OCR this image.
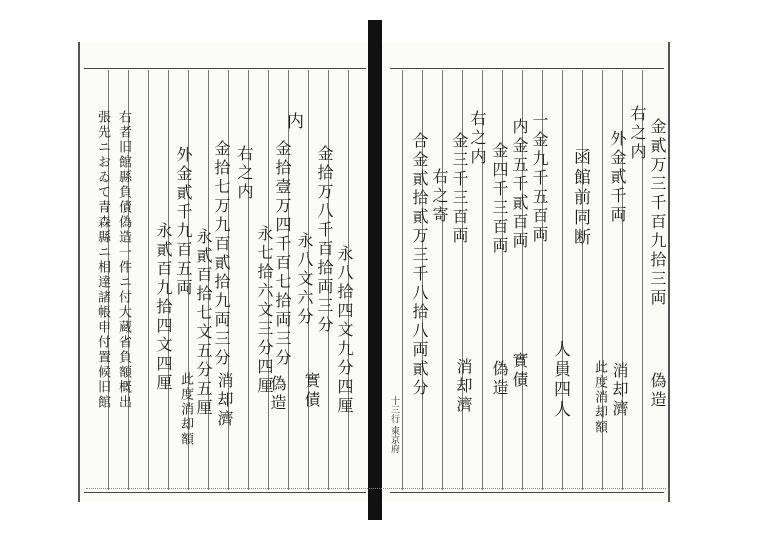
永八拾四文九分四厘
金拾万八千百拾両三分
永八文六分
金拾壹万四千百七拾両三分
永七拾六文三分四厘
内
右之内
金拾七万九百貳拾九両三分
永貳百拾七文五分五厘
外金貳千九百五両
永貳百九拾四文四厘
右者旧館縣負債偽造一件ニ付大蔵省負額概出
張先ニおゐて青森縣ニ相達諸帳申付置候旧館	實債
偽造
消却濟
此度消却額
金貳万三千百九拾三両
右之内
外金貳千両
函館前同断
一金九千五百両
内金五千貳百両
金四千三百両
右之内
金三千三百両
右之寄
合金貳拾貳万三千八拾八両貳分	偽造
消却濟
此度消却額
人員四人
實債
偽造
消却濟
十三行 東京府
